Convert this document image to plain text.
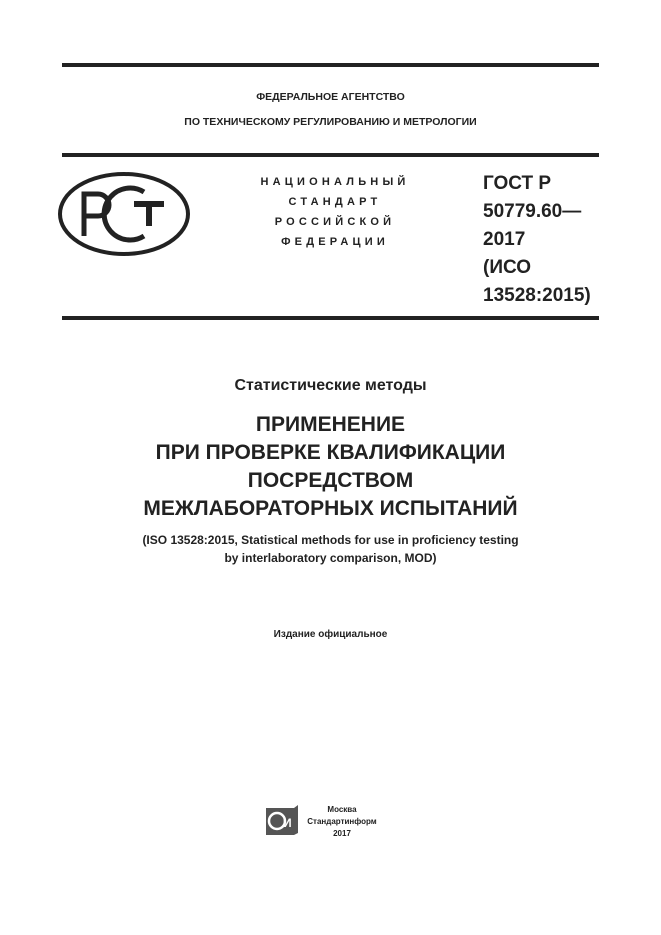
ФЕДЕРАЛЬНОЕ АГЕНТСТВО
ПО ТЕХНИЧЕСКОМУ РЕГУЛИРОВАНИЮ И МЕТРОЛОГИИ
НАЦИОНАЛЬНЫЙ
СТАНДАРТ
РОССИЙСКОЙ
ФЕДЕРАЦИИ
ГОСТ Р
50779.60—
2017
(ИСО
13528:2015)
Статистические методы
ПРИМЕНЕНИЕ
ПРИ ПРОВЕРКЕ КВАЛИФИКАЦИИ
ПОСРЕДСТВОМ
МЕЖЛАБОРАТОРНЫХ ИСПЫТАНИЙ
(ISO 13528:2015, Statistical methods for use in proficiency testing
by interlaboratory comparison, MOD)
Издание официальное
И
Москва
Стандартинформ
2017
